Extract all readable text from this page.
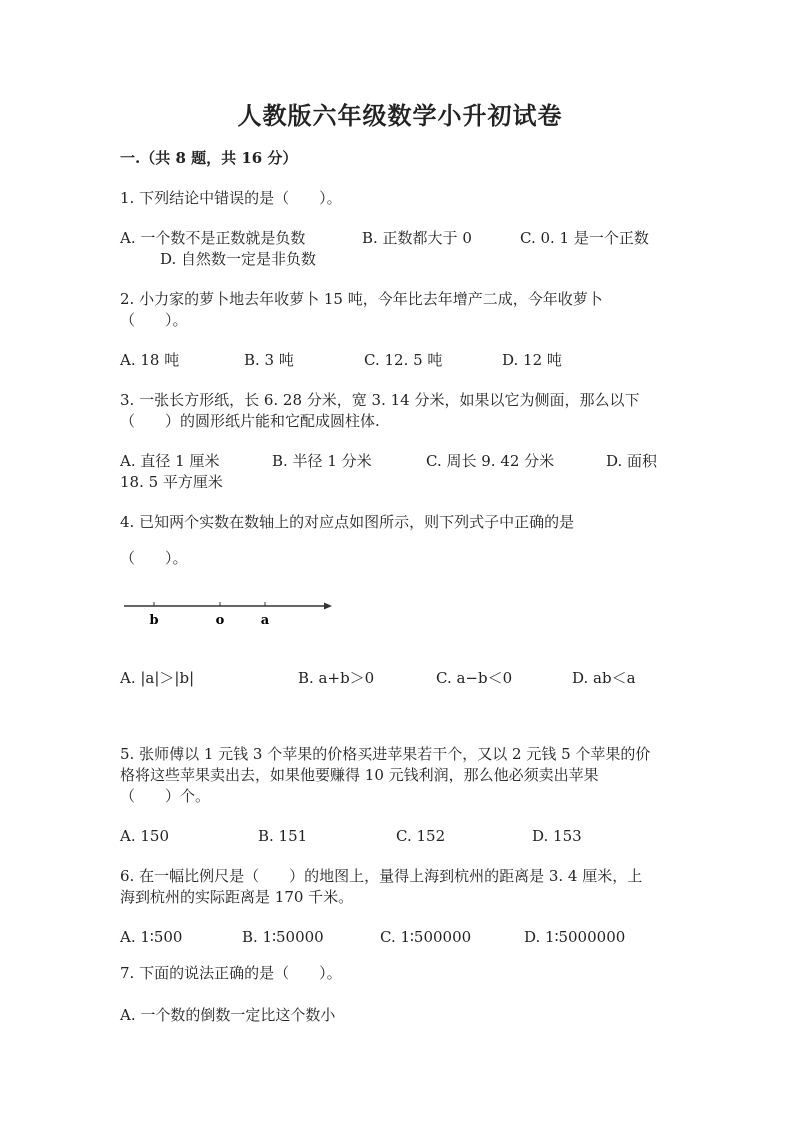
人教版六年级数学小升初试卷
一.（共 8 题，共 16 分）
1. 下列结论中错误的是（　　）。
A. 一个数不是正数就是负数	B. 正数都大于 0	C. 0. 1 是一个正数
D. 自然数一定是非负数
2. 小力家的萝卜地去年收萝卜 15 吨，今年比去年增产二成，今年收萝卜
（　　）。
A. 18 吨	B. 3 吨	C. 12. 5 吨	D. 12 吨
3. 一张长方形纸，长 6. 28 分米，宽 3. 14 分米，如果以它为侧面，那么以下
（　　）的圆形纸片能和它配成圆柱体.
A. 直径 1 厘米	B. 半径 1 分米	C. 周长 9. 42 分米	D. 面积
18. 5 平方厘米
4. 已知两个实数在数轴上的对应点如图所示，则下列式子中正确的是
（　　）。
b	o	a
A. |a|＞|b|	B. a+b＞0	C. a−b＜0	D. ab＜a
5. 张师傅以 1 元钱 3 个苹果的价格买进苹果若干个，又以 2 元钱 5 个苹果的价
格将这些苹果卖出去，如果他要赚得 10 元钱利润，那么他必须卖出苹果
（　　）个。
A. 150	B. 151	C. 152	D. 153
6. 在一幅比例尺是（　　）的地图上，量得上海到杭州的距离是 3. 4 厘米，上
海到杭州的实际距离是 170 千米。
A. 1∶500	B. 1∶50000	C. 1∶500000	D. 1∶5000000
7. 下面的说法正确的是（　　）。
A. 一个数的倒数一定比这个数小
